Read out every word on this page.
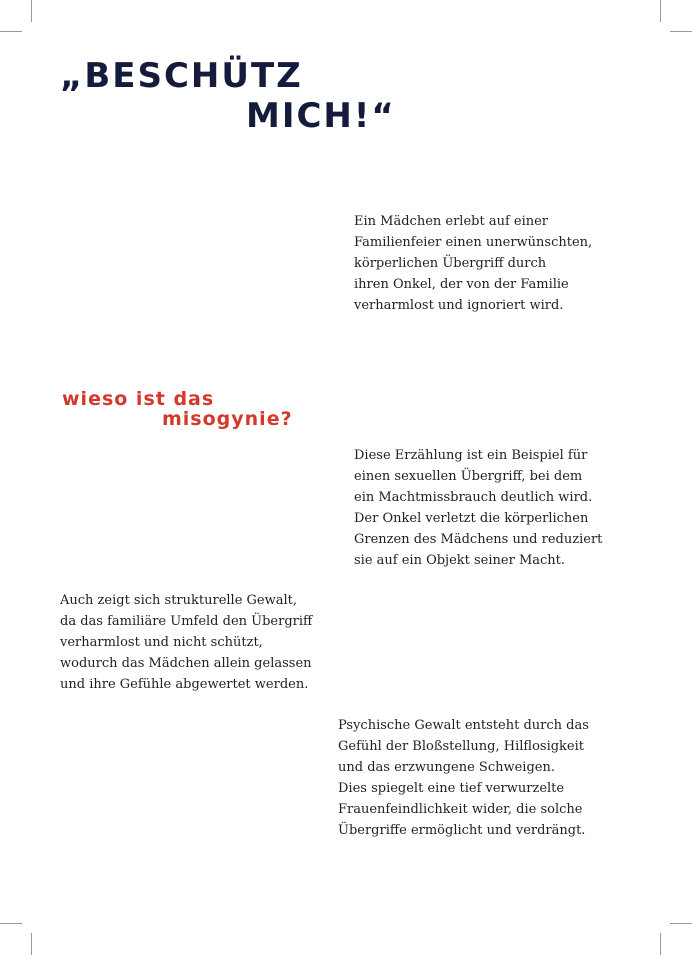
„BESCHÜTZ
MICH!“

Ein Mädchen erlebt auf einer
Familienfeier einen unerwünschten,
körperlichen Übergriff durch
ihren Onkel, der von der Familie
verharmlost und ignoriert wird.

wieso ist das
misogynie?

Diese Erzählung ist ein Beispiel für
einen sexuellen Übergriff, bei dem
ein Machtmissbrauch deutlich wird.
Der Onkel verletzt die körperlichen
Grenzen des Mädchens und reduziert
sie auf ein Objekt seiner Macht.

Auch zeigt sich strukturelle Gewalt,
da das familiäre Umfeld den Übergriff
verharmlost und nicht schützt,
wodurch das Mädchen allein gelassen
und ihre Gefühle abgewertet werden.

Psychische Gewalt entsteht durch das
Gefühl der Bloßstellung, Hilflosigkeit
und das erzwungene Schweigen.
Dies spiegelt eine tief verwurzelte
Frauenfeindlichkeit wider, die solche
Übergriffe ermöglicht und verdrängt.
